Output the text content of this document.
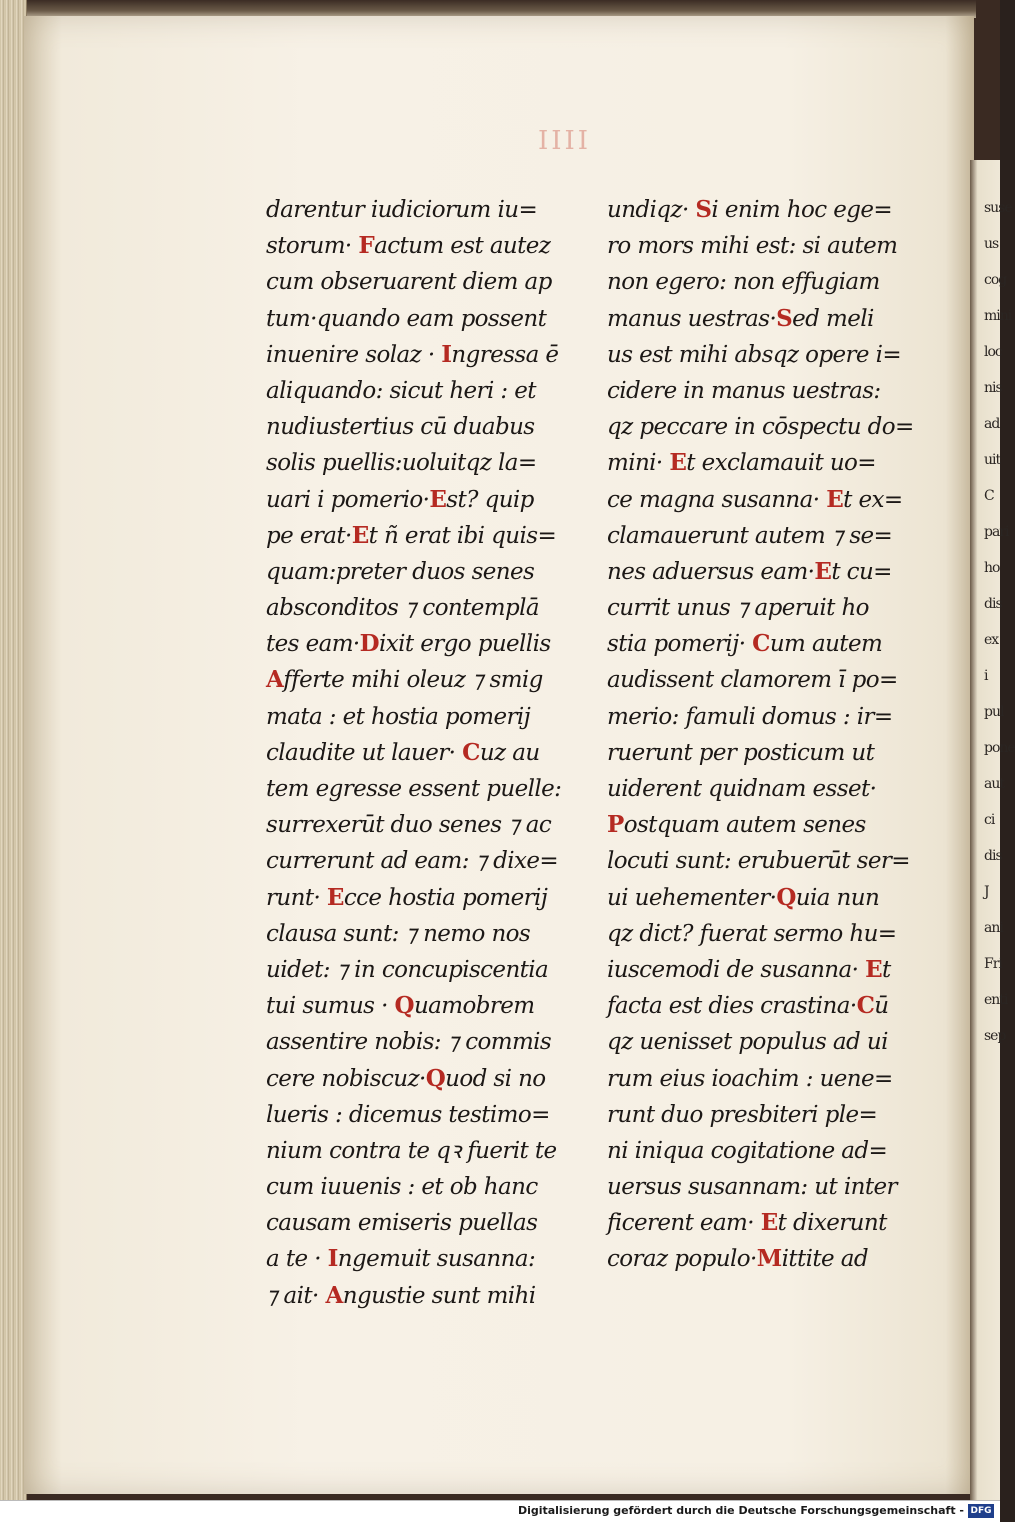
suse
us
cog
mini
loc
nis
ad
uit
C
pari
ho
dis
ex
i
pul
pone
aut
ci
dis
J
ani
Fri
enti
sep
IIII
darentur iudiciorum iu=
storum· Factum est autez
cum obseruarent diem ap
tum·quando eam possent
inuenire solaz · Ingressa ē
aliquando: sicut heri : et
nudiustertius cū duabus
solis puellis:uoluitqz la=
uari i pomerio·Est? quip
pe erat·Et ñ erat ibi quis=
quam:preter duos senes
absconditos ⁊ contemplā
tes eam·Dixit ergo puellis
Afferte mihi oleuz ⁊ smig
mata : et hostia pomerij
claudite ut lauer· Cuz au
tem egresse essent puelle:
surrexerūt duo senes ⁊ ac
currerunt ad eam: ⁊ dixe=
runt· Ecce hostia pomerij
clausa sunt: ⁊ nemo nos
uidet: ⁊ in concupiscentia
tui sumus · Quamobrem
assentire nobis: ⁊ commis
cere nobiscuz·Quod si no
lueris : dicemus testimo=
nium contra te qꝛ fuerit te
cum iuuenis : et ob hanc
causam emiseris puellas
a te · Ingemuit susanna:
⁊ ait· Angustie sunt mihi
undiqz· Si enim hoc ege=
ro mors mihi est: si autem
non egero: non effugiam
manus uestras·Sed meli
us est mihi absqz opere i=
cidere in manus uestras:
qz peccare in cōspectu do=
mini· Et exclamauit uo=
ce magna susanna· Et ex=
clamauerunt autem ⁊ se=
nes aduersus eam·Et cu=
currit unus ⁊ aperuit ho
stia pomerij· Cum autem
audissent clamorem ī po=
merio: famuli domus : ir=
ruerunt per posticum ut
uiderent quidnam esset·
Postquam autem senes
locuti sunt: erubuerūt ser=
ui uehementer·Quia nun
qz dict? fuerat sermo hu=
iuscemodi de susanna· Et
facta est dies crastina·Cū
qz uenisset populus ad ui
rum eius ioachim : uene=
runt duo presbiteri ple=
ni iniqua cogitatione ad=
uersus susannam: ut inter
ficerent eam· Et dixerunt
coraz populo·Mittite ad
Digitalisierung gefördert durch die Deutsche Forschungsgemeinschaft - DFG
